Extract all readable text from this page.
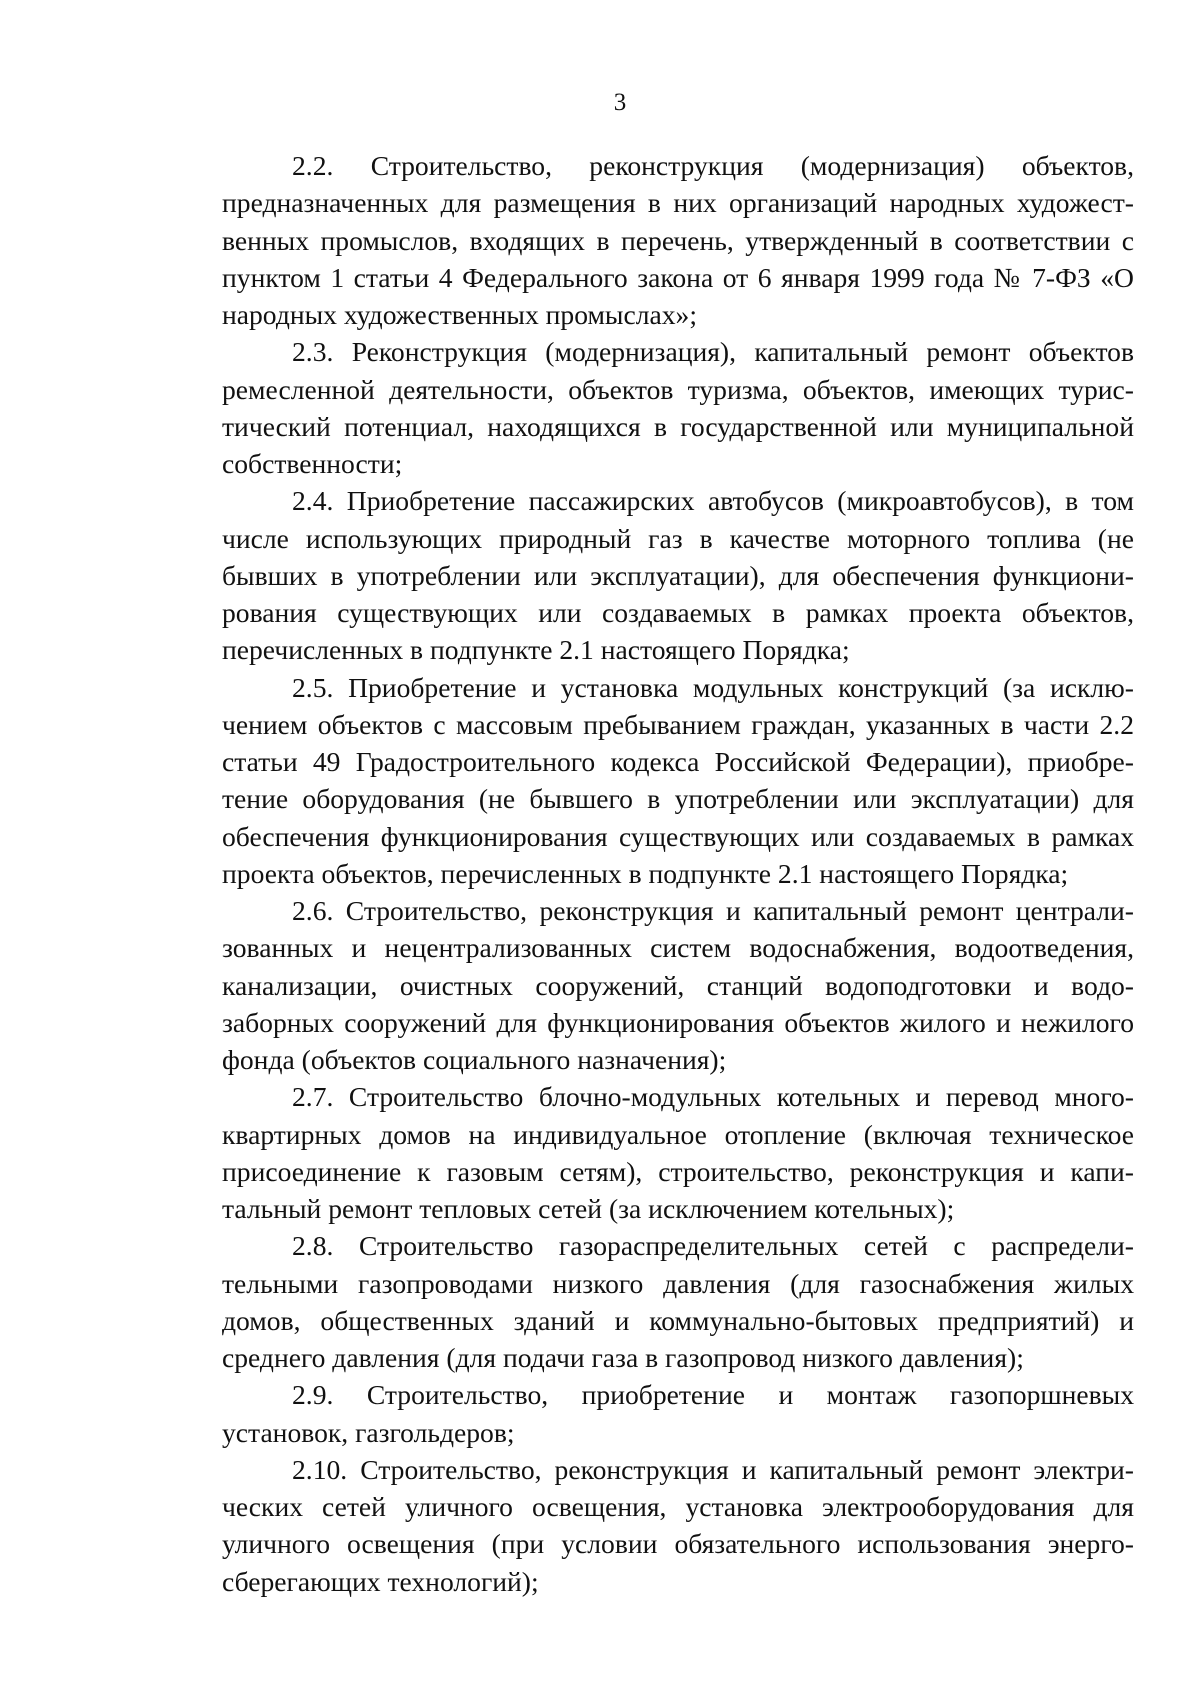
3

2.2. Строительство, реконструкция (модернизация) объектов, предназначенных для размещения в них организаций народных художественных промыслов, входящих в перечень, утвержденный в соответствии с пунктом 1 статьи 4 Федерального закона от 6 января 1999 года № 7-ФЗ «О народных художественных промыслах»;

2.3. Реконструкция (модернизация), капитальный ремонт объектов ремесленной деятельности, объектов туризма, объектов, имеющих туристический потенциал, находящихся в государственной или муниципальной собственности;

2.4. Приобретение пассажирских автобусов (микроавтобусов), в том числе использующих природный газ в качестве моторного топлива (не бывших в употреблении или эксплуатации), для обеспечения функционирования существующих или создаваемых в рамках проекта объектов, перечисленных в подпункте 2.1 настоящего Порядка;

2.5. Приобретение и установка модульных конструкций (за исключением объектов с массовым пребыванием граждан, указанных в части 2.2 статьи 49 Градостроительного кодекса Российской Федерации), приобретение оборудования (не бывшего в употреблении или эксплуатации) для обеспечения функционирования существующих или создаваемых в рамках проекта объектов, перечисленных в подпункте 2.1 настоящего Порядка;

2.6. Строительство, реконструкция и капитальный ремонт централизованных и нецентрализованных систем водоснабжения, водоотведения, канализации, очистных сооружений, станций водоподготовки и водозаборных сооружений для функционирования объектов жилого и нежилого фонда (объектов социального назначения);

2.7. Строительство блочно-модульных котельных и перевод многоквартирных домов на индивидуальное отопление (включая техническое присоединение к газовым сетям), строительство, реконструкция и капитальный ремонт тепловых сетей (за исключением котельных);

2.8. Строительство газораспределительных сетей с распределительными газопроводами низкого давления (для газоснабжения жилых домов, общественных зданий и коммунально-бытовых предприятий) и среднего давления (для подачи газа в газопровод низкого давления);

2.9. Строительство, приобретение и монтаж газопоршневых установок, газгольдеров;

2.10. Строительство, реконструкция и капитальный ремонт электрических сетей уличного освещения, установка электрооборудования для уличного освещения (при условии обязательного использования энергосберегающих технологий);
